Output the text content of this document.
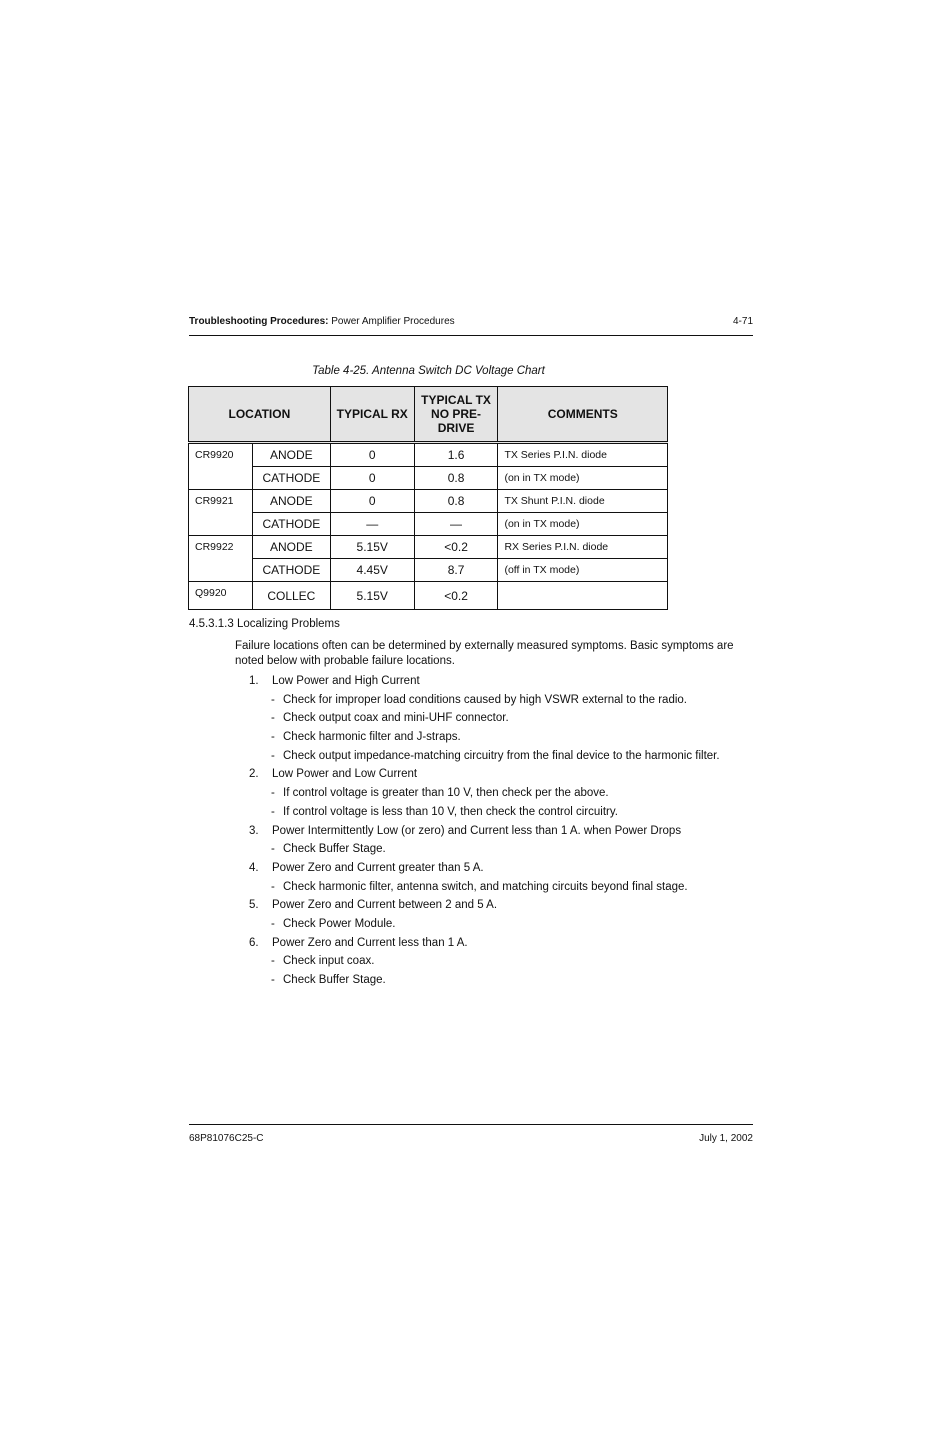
Troubleshooting Procedures: Power Amplifier Procedures	4-71
Table 4-25. Antenna Switch DC Voltage Chart
LOCATION		TYPICAL RX	TYPICAL TX
NO PRE-
DRIVE	COMMENTS
CR9920	ANODE	0	1.6	TX Series P.I.N. diode
	CATHODE	0	0.8	(on in TX mode)
CR9921	ANODE	0	0.8	TX Shunt P.I.N. diode
	CATHODE	—	—	(on in TX mode)
CR9922	ANODE	5.15V	<0.2	RX Series P.I.N. diode
	CATHODE	4.45V	8.7	(off in TX mode)
Q9920	COLLEC	5.15V	<0.2	
4.5.3.1.3 Localizing Problems
Failure locations often can be determined by externally measured symptoms. Basic symptoms are noted below with probable failure locations.
1.	Low Power and High Current
- Check for improper load conditions caused by high VSWR external to the radio.
- Check output coax and mini-UHF connector.
- Check harmonic filter and J-straps.
- Check output impedance-matching circuitry from the final device to the harmonic filter.
2.	Low Power and Low Current
- If control voltage is greater than 10 V, then check per the above.
- If control voltage is less than 10 V, then check the control circuitry.
3.	Power Intermittently Low (or zero) and Current less than 1 A. when Power Drops
- Check Buffer Stage.
4.	Power Zero and Current greater than 5 A.
- Check harmonic filter, antenna switch, and matching circuits beyond final stage.
5.	Power Zero and Current between 2 and 5 A.
- Check Power Module.
6.	Power Zero and Current less than 1 A.
- Check input coax.
- Check Buffer Stage.
68P81076C25-C	July 1, 2002
